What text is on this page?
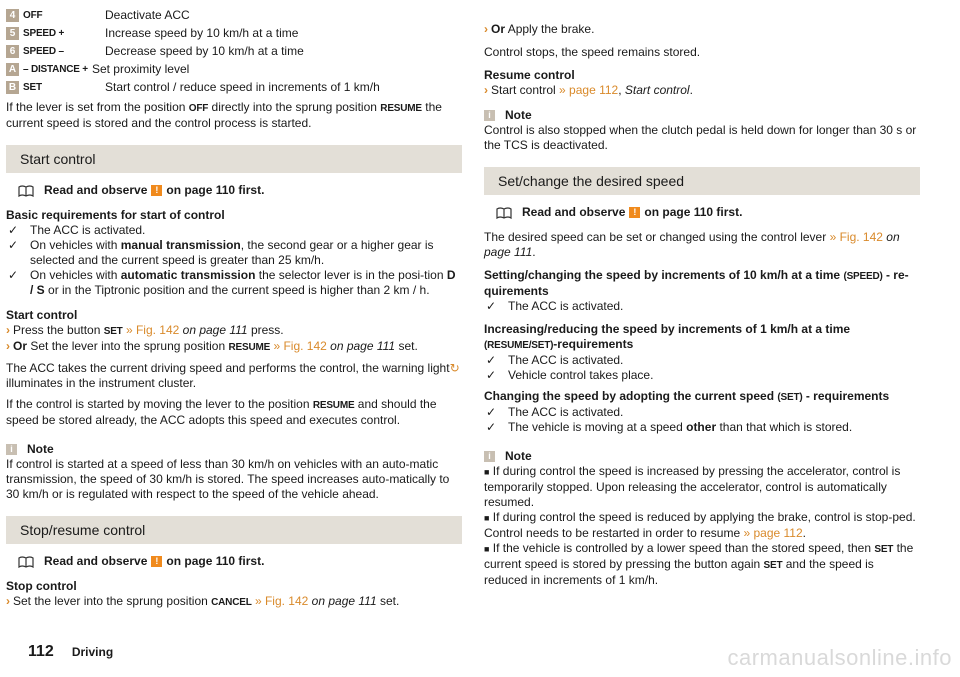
4 OFF	Deactivate ACC
5 SPEED +	Increase speed by 10 km/h at a time
6 SPEED –	Decrease speed by 10 km/h at a time
A – DISTANCE + Set proximity level
B SET	Start control / reduce speed in increments of 1 km/h

If the lever is set from the position OFF directly into the sprung position RESUME the current speed is stored and the control process is started.

Start control
Read and observe ! on page 110 first.

Basic requirements for start of control

✓ The ACC is activated.
✓ On vehicles with manual transmission, the second gear or a higher gear is selected and the current speed is greater than 25 km/h.
✓ On vehicles with automatic transmission the selector lever is in the posi-tion D / S or in the Tiptronic position and the current speed is higher than 2 km / h.

Start control

› Press the button SET » Fig. 142 on page 111 press.

› Or Set the lever into the sprung position RESUME » Fig. 142 on page 111 set.

The ACC takes the current driving speed and performs the control, the warning light↻ illuminates in the instrument cluster.

If the control is started by moving the lever to the position RESUME and should the speed be stored already, the ACC adopts this speed and executes control.

i	Note

If control is started at a speed of less than 30 km/h on vehicles with an auto-matic transmission, the speed of 30 km/h is stored. The speed increases auto-matically to 30 km/h or is regulated with respect to the speed of the vehicle ahead.

Stop/resume control
Read and observe ! on page 110 first.

Stop control

› Set the lever into the sprung position CANCEL » Fig. 142 on page 111 set.

› Or Apply the brake.

Control stops, the speed remains stored.

Resume control

› Start control » page 112, Start control.

i	Note

Control is also stopped when the clutch pedal is held down for longer than 30 s or the TCS is deactivated.

Set/change the desired speed
Read and observe ! on page 110 first.

The desired speed can be set or changed using the control lever » Fig. 142 on page 111.

Setting/changing the speed by increments of 10 km/h at a time (SPEED) - re-quirements

✓ The ACC is activated.

Increasing/reducing the speed by increments of 1 km/h at a time (RESUME/SET)-requirements

✓ The ACC is activated.
✓ Vehicle control takes place.

Changing the speed by adopting the current speed (SET) - requirements

✓ The ACC is activated.
✓ The vehicle is moving at a speed other than that which is stored.
i	Note

■ If during control the speed is increased by pressing the accelerator, control is temporarily stopped. Upon releasing the accelerator, control is automatically resumed.

■ If during control the speed is reduced by applying the brake, control is stop-ped. Control needs to be restarted in order to resume » page 112.

■ If the vehicle is controlled by a lower speed than the stored speed, then SET the current speed is stored by pressing the button again SET and the speed is reduced in increments of 1 km/h.

112 Driving	carmanualsonline.info
